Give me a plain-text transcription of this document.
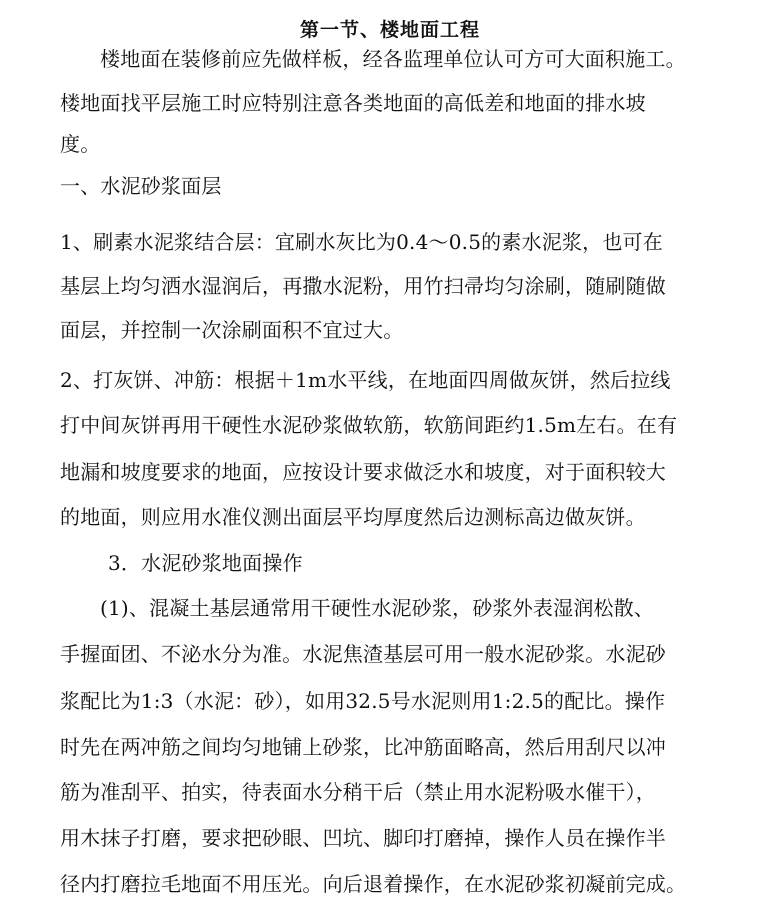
第一节、楼地面工程
楼地面在装修前应先做样板，经各监理单位认可方可大面积施工。
楼地面找平层施工时应特别注意各类地面的高低差和地面的排水坡
度。
一、水泥砂浆面层
1、刷素水泥浆结合层：宜刷水灰比为0.4〜0.5的素水泥浆，也可在
基层上均匀洒水湿润后，再撒水泥粉，用竹扫帚均匀涂刷，随刷随做
面层，并控制一次涂刷面积不宜过大。
2、打灰饼、冲筋：根据＋1m水平线，在地面四周做灰饼，然后拉线
打中间灰饼再用干硬性水泥砂浆做软筋，软筋间距约1.5m左右。在有
地漏和坡度要求的地面，应按设计要求做泛水和坡度，对于面积较大
的地面，则应用水准仪测出面层平均厚度然后边测标高边做灰饼。
3．水泥砂浆地面操作
(1)、混凝土基层通常用干硬性水泥砂浆，砂浆外表湿润松散、
手握面团、不泌水分为准。水泥焦渣基层可用一般水泥砂浆。水泥砂
浆配比为1:3（水泥：砂），如用32.5号水泥则用1:2.5的配比。操作
时先在两冲筋之间均匀地铺上砂浆，比冲筋面略高，然后用刮尺以冲
筋为准刮平、拍实，待表面水分稍干后（禁止用水泥粉吸水催干），
用木抹子打磨，要求把砂眼、凹坑、脚印打磨掉，操作人员在操作半
径内打磨拉毛地面不用压光。向后退着操作，在水泥砂浆初凝前完成。
